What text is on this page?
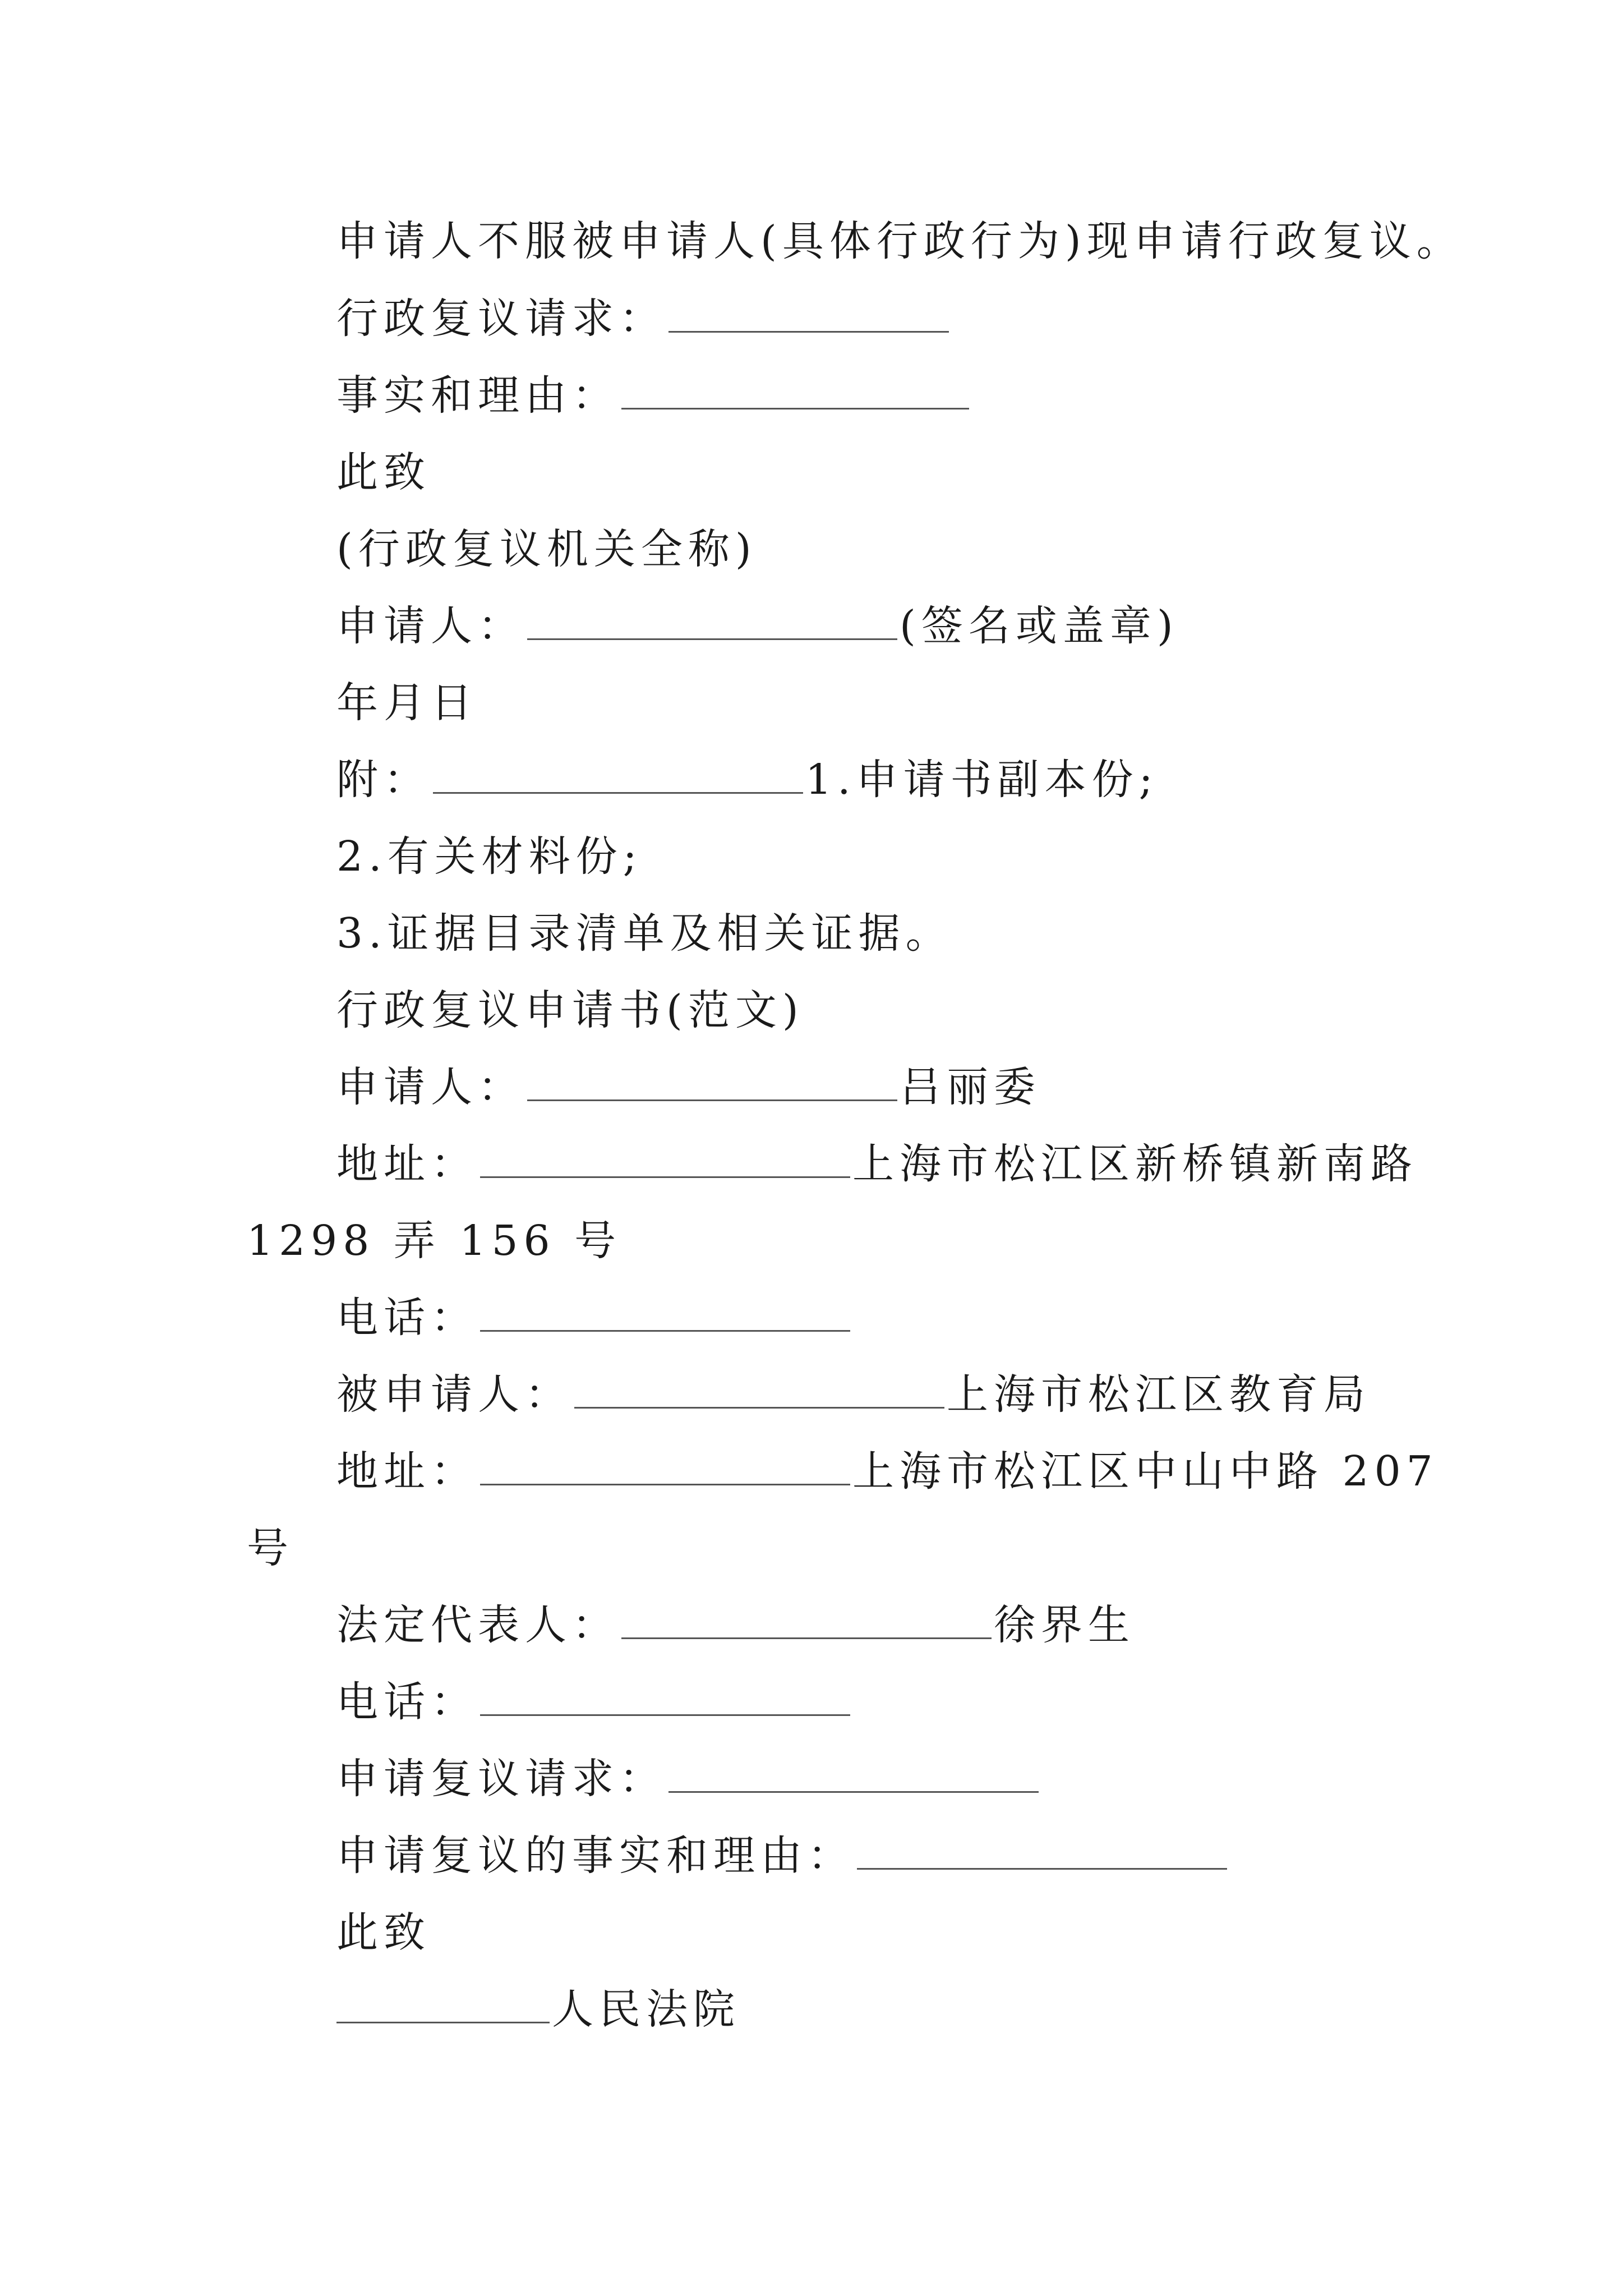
申请人不服被申请人(具体行政行为)现申请行政复议。
行政复议请求：
事实和理由：
此致
(行政复议机关全称)
申请人：	(签名或盖章)
年月日
附：	1.申请书副本份;
2.有关材料份;
3.证据目录清单及相关证据。
行政复议申请书(范文)
申请人：	吕丽委
地址：	上海市松江区新桥镇新南路
1298 弄 156 号
电话：
被申请人：	上海市松江区教育局
地址：	上海市松江区中山中路 207
号
法定代表人：	徐界生
电话：
申请复议请求：
申请复议的事实和理由：
此致
人民法院
